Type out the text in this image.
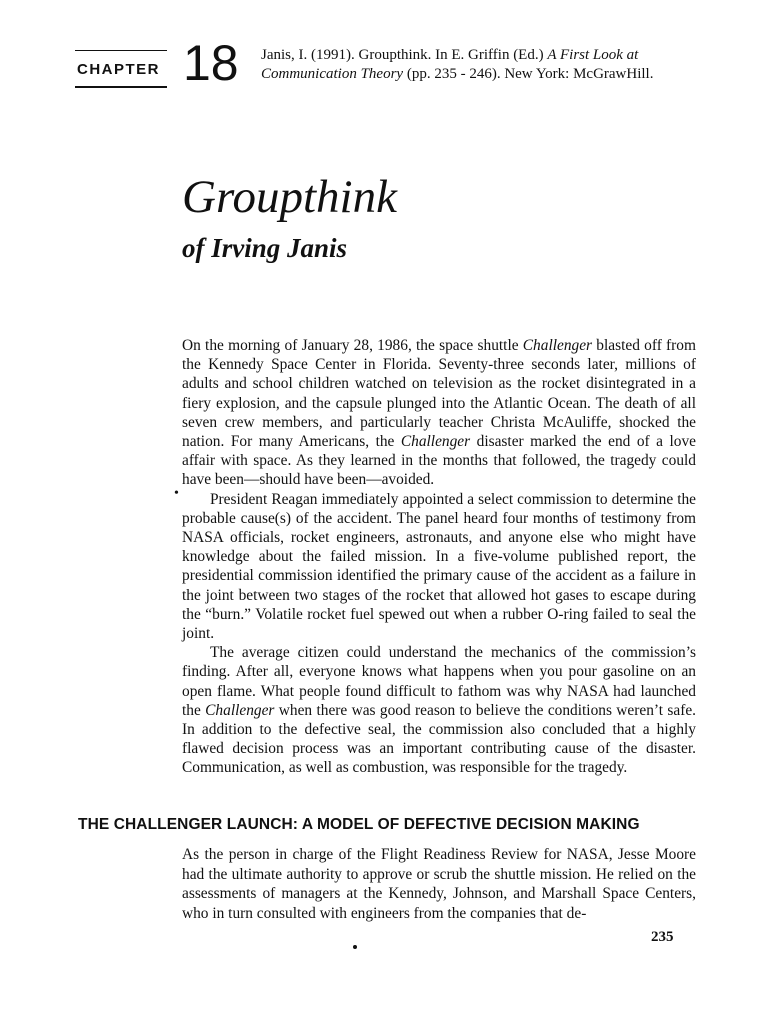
CHAPTER 18 Janis, I. (1991). Groupthink. In E. Griffin (Ed.) A First Look at
Communication Theory (pp. 235 - 246). New York: McGrawHill.
Groupthink
of Irving Janis
•

On the morning of January 28, 1986, the space shuttle Challenger blasted off from the Kennedy Space Center in Florida. Seventy-three seconds later, millions of adults and school children watched on television as the rocket disintegrated in a fiery explosion, and the capsule plunged into the Atlantic Ocean. The death of all seven crew members, and particularly teacher Christa McAuliffe, shocked the nation. For many Americans, the Challenger disaster marked the end of a love affair with space. As they learned in the months that followed, the tragedy could have been—should have been—avoided.

President Reagan immediately appointed a select commission to determine the probable cause(s) of the accident. The panel heard four months of testimony from NASA officials, rocket engineers, astronauts, and anyone else who might have knowledge about the failed mission. In a five-volume published report, the presidential commission identified the primary cause of the accident as a failure in the joint between two stages of the rocket that allowed hot gases to escape during the “burn.” Volatile rocket fuel spewed out when a rubber O-ring failed to seal the joint.

The average citizen could understand the mechanics of the commission’s finding. After all, everyone knows what happens when you pour gasoline on an open flame. What people found difficult to fathom was why NASA had launched the Challenger when there was good reason to believe the conditions weren’t safe. In addition to the defective seal, the commission also concluded that a highly flawed decision process was an important contributing cause of the disaster. Communication, as well as combustion, was responsible for the tragedy.

THE CHALLENGER LAUNCH: A MODEL OF DEFECTIVE DECISION MAKING

As the person in charge of the Flight Readiness Review for NASA, Jesse Moore had the ultimate authority to approve or scrub the shuttle mission. He relied on the assessments of managers at the Kennedy, Johnson, and Marshall Space Centers, who in turn consulted with engineers from the companies that de-

235
